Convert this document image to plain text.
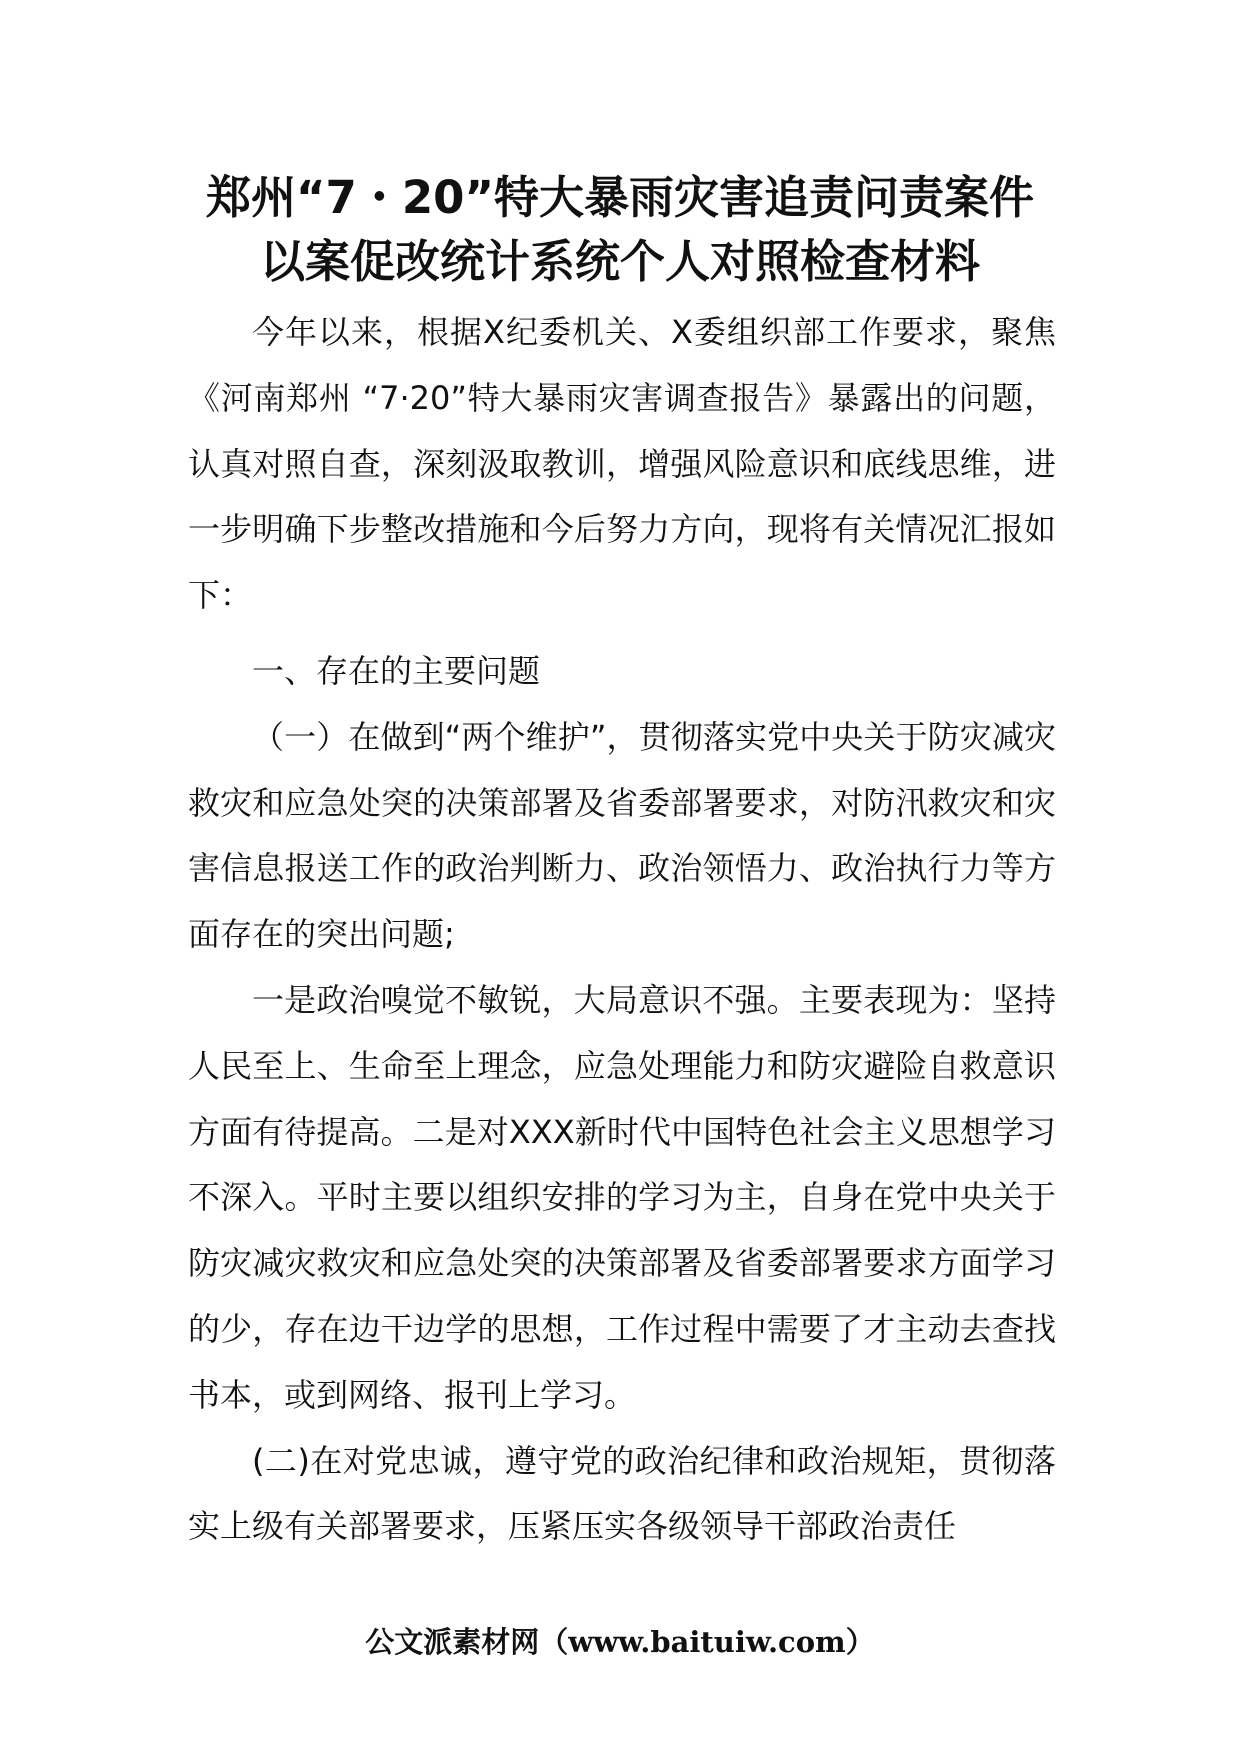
郑州“7・20”特大暴雨灾害追责问责案件
以案促改统计系统个人对照检查材料

今年以来，根据X纪委机关、X委组织部工作要求，聚焦《河南郑州 “7·20”特大暴雨灾害调查报告》暴露出的问题，认真对照自查，深刻汲取教训，增强风险意识和底线思维，进一步明确下步整改措施和今后努力方向，现将有关情况汇报如下：

一、存在的主要问题

（一）在做到“两个维护”，贯彻落实党中央关于防灾减灾救灾和应急处突的决策部署及省委部署要求，对防汛救灾和灾害信息报送工作的政治判断力、政治领悟力、政治执行力等方面存在的突出问题;

一是政治嗅觉不敏锐，大局意识不强。主要表现为：坚持人民至上、生命至上理念，应急处理能力和防灾避险自救意识方面有待提高。二是对XXX新时代中国特色社会主义思想学习不深入。平时主要以组织安排的学习为主，自身在党中央关于防灾减灾救灾和应急处突的决策部署及省委部署要求方面学习的少，存在边干边学的思想，工作过程中需要了才主动去查找书本，或到网络、报刊上学习。

(二)在对党忠诚，遵守党的政治纪律和政治规矩，贯彻落实上级有关部署要求，压紧压实各级领导干部政治责任

公文派素材网（www.baituiw.com）
